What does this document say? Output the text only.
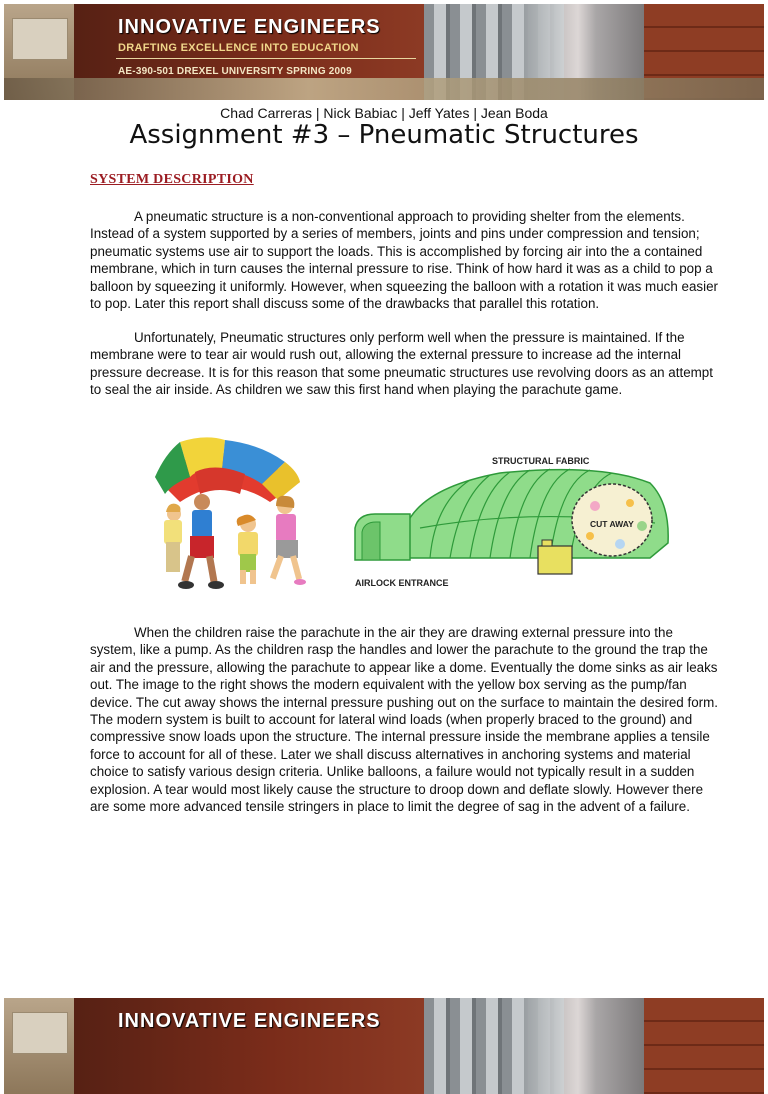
INNOVATIVE ENGINEERS
DRAFTING EXCELLENCE INTO EDUCATION
AE-390-501 DREXEL UNIVERSITY SPRING 2009
Chad Carreras | Nick Babiac | Jeff Yates | Jean Boda
Assignment #3 – Pneumatic Structures
SYSTEM DESCRIPTION

A pneumatic structure is a non-conventional approach to providing shelter from the elements. Instead of a system supported by a series of members, joints and pins under compression and tension; pneumatic systems use air to support the loads. This is accomplished by forcing air into the a contained membrane, which in turn causes the internal pressure to rise. Think of how hard it was as a child to pop a balloon by squeezing it uniformly. However, when squeezing the balloon with a rotation it was much easier to pop. Later this report shall discuss some of the drawbacks that parallel this rotation.

Unfortunately, Pneumatic structures only perform well when the pressure is maintained. If the membrane were to tear air would rush out, allowing the external pressure to increase ad the internal pressure decrease. It is for this reason that some pneumatic structures use revolving doors as an attempt to seal the air inside. As children we saw this first hand when playing the parachute game.

STRUCTURAL FABRIC
CUT AWAY
AIRLOCK ENTRANCE

When the children raise the parachute in the air they are drawing external pressure into the system, like a pump. As the children rasp the handles and lower the parachute to the ground the trap the air and the pressure, allowing the parachute to appear like a dome. Eventually the dome sinks as air leaks out. The image to the right shows the modern equivalent with the yellow box serving as the pump/fan device. The cut away shows the internal pressure pushing out on the surface to maintain the desired form. The modern system is built to account for lateral wind loads (when properly braced to the ground) and compressive snow loads upon the structure. The internal pressure inside the membrane applies a tensile force to account for all of these. Later we shall discuss alternatives in anchoring systems and material choice to satisfy various design criteria. Unlike balloons, a failure would not typically result in a sudden explosion. A tear would most likely cause the structure to droop down and deflate slowly. However there are some more advanced tensile stringers in place to limit the degree of sag in the advent of a failure.

INNOVATIVE ENGINEERS
